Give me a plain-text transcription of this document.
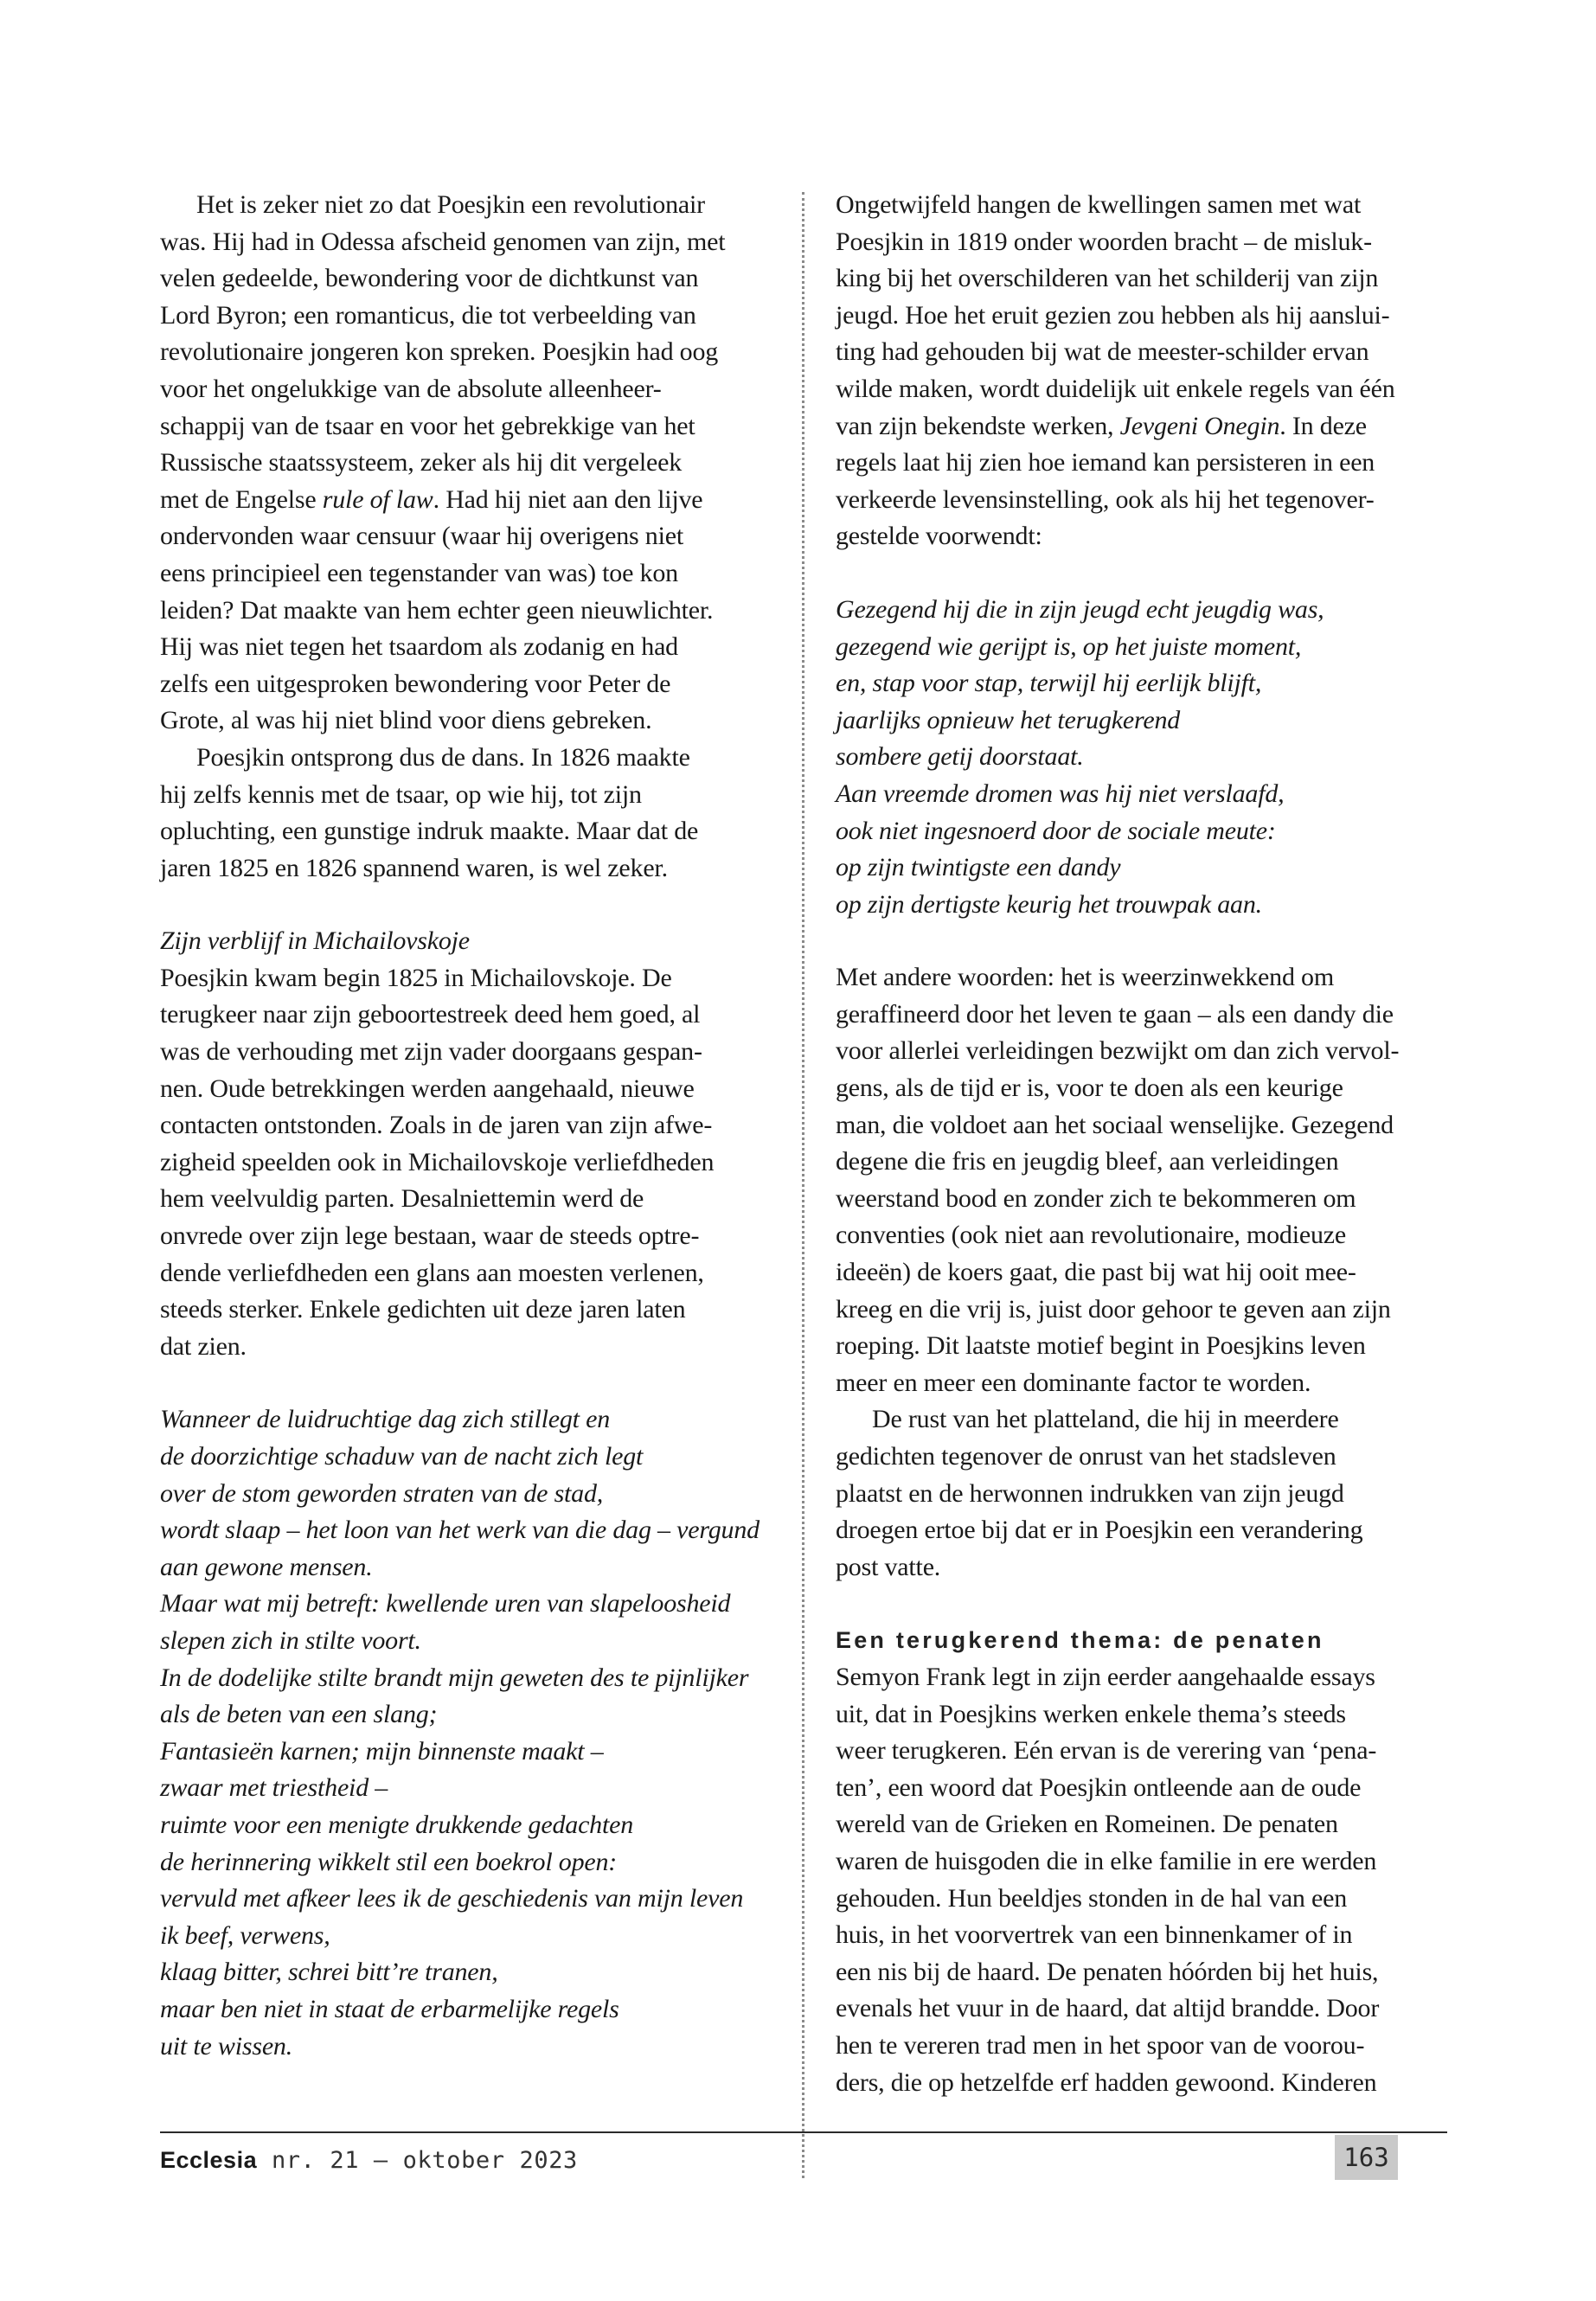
Het is zeker niet zo dat Poesjkin een revolutionair
was. Hij had in Odessa afscheid genomen van zijn, met
velen gedeelde, bewondering voor de dichtkunst van
Lord Byron; een romanticus, die tot verbeelding van
revolutionaire jongeren kon spreken. Poesjkin had oog
voor het ongelukkige van de absolute alleenheer-
schappij van de tsaar en voor het gebrekkige van het
Russische staatssysteem, zeker als hij dit vergeleek
met de Engelse rule of law. Had hij niet aan den lijve
ondervonden waar censuur (waar hij overigens niet
eens principieel een tegenstander van was) toe kon
leiden? Dat maakte van hem echter geen nieuwlichter.
Hij was niet tegen het tsaardom als zodanig en had
zelfs een uitgesproken bewondering voor Peter de
Grote, al was hij niet blind voor diens gebreken.
Poesjkin ontsprong dus de dans. In 1826 maakte
hij zelfs kennis met de tsaar, op wie hij, tot zijn
opluchting, een gunstige indruk maakte. Maar dat de
jaren 1825 en 1826 spannend waren, is wel zeker.
Zijn verblijf in Michailovskoje
Poesjkin kwam begin 1825 in Michailovskoje. De
terugkeer naar zijn geboortestreek deed hem goed, al
was de verhouding met zijn vader doorgaans gespan-
nen. Oude betrekkingen werden aangehaald, nieuwe
contacten ontstonden. Zoals in de jaren van zijn afwe-
zigheid speelden ook in Michailovskoje verliefdheden
hem veelvuldig parten. Desalniettemin werd de
onvrede over zijn lege bestaan, waar de steeds optre-
dende verliefdheden een glans aan moesten verlenen,
steeds sterker. Enkele gedichten uit deze jaren laten
dat zien.
Wanneer de luidruchtige dag zich stillegt en
de doorzichtige schaduw van de nacht zich legt
over de stom geworden straten van de stad,
wordt slaap – het loon van het werk van die dag – vergund
aan gewone mensen.
Maar wat mij betreft: kwellende uren van slapeloosheid
slepen zich in stilte voort.
In de dodelijke stilte brandt mijn geweten des te pijnlijker
als de beten van een slang;
Fantasieën karnen; mijn binnenste maakt –
zwaar met triestheid –
ruimte voor een menigte drukkende gedachten
de herinnering wikkelt stil een boekrol open:
vervuld met afkeer lees ik de geschiedenis van mijn leven
ik beef, verwens,
klaag bitter, schrei bitt’re tranen,
maar ben niet in staat de erbarmelijke regels
uit te wissen.
Ongetwijfeld hangen de kwellingen samen met wat
Poesjkin in 1819 onder woorden bracht – de misluk-
king bij het overschilderen van het schilderij van zijn
jeugd. Hoe het eruit gezien zou hebben als hij aanslui-
ting had gehouden bij wat de meester-schilder ervan
wilde maken, wordt duidelijk uit enkele regels van één
van zijn bekendste werken, Jevgeni Onegin. In deze
regels laat hij zien hoe iemand kan persisteren in een
verkeerde levensinstelling, ook als hij het tegenover-
gestelde voorwendt:
Gezegend hij die in zijn jeugd echt jeugdig was,
gezegend wie gerijpt is, op het juiste moment,
en, stap voor stap, terwijl hij eerlijk blijft,
jaarlijks opnieuw het terugkerend
sombere getij doorstaat.
Aan vreemde dromen was hij niet verslaafd,
ook niet ingesnoerd door de sociale meute:
op zijn twintigste een dandy
op zijn dertigste keurig het trouwpak aan.
Met andere woorden: het is weerzinwekkend om
geraffineerd door het leven te gaan – als een dandy die
voor allerlei verleidingen bezwijkt om dan zich vervol-
gens, als de tijd er is, voor te doen als een keurige
man, die voldoet aan het sociaal wenselijke. Gezegend
degene die fris en jeugdig bleef, aan verleidingen
weerstand bood en zonder zich te bekommeren om
conventies (ook niet aan revolutionaire, modieuze
ideeën) de koers gaat, die past bij wat hij ooit mee-
kreeg en die vrij is, juist door gehoor te geven aan zijn
roeping. Dit laatste motief begint in Poesjkins leven
meer en meer een dominante factor te worden.
De rust van het platteland, die hij in meerdere
gedichten tegenover de onrust van het stadsleven
plaatst en de herwonnen indrukken van zijn jeugd
droegen ertoe bij dat er in Poesjkin een verandering
post vatte.
Een terugkerend thema: de penaten
Semyon Frank legt in zijn eerder aangehaalde essays
uit, dat in Poesjkins werken enkele thema’s steeds
weer terugkeren. Eén ervan is de verering van ‘pena-
ten’, een woord dat Poesjkin ontleende aan de oude
wereld van de Grieken en Romeinen. De penaten
waren de huisgoden die in elke familie in ere werden
gehouden. Hun beeldjes stonden in de hal van een
huis, in het voorvertrek van een binnenkamer of in
een nis bij de haard. De penaten hóórden bij het huis,
evenals het vuur in de haard, dat altijd brandde. Door
hen te vereren trad men in het spoor van de voorou-
ders, die op hetzelfde erf hadden gewoond. Kinderen
Ecclesia nr. 21 – oktober 2023	163
